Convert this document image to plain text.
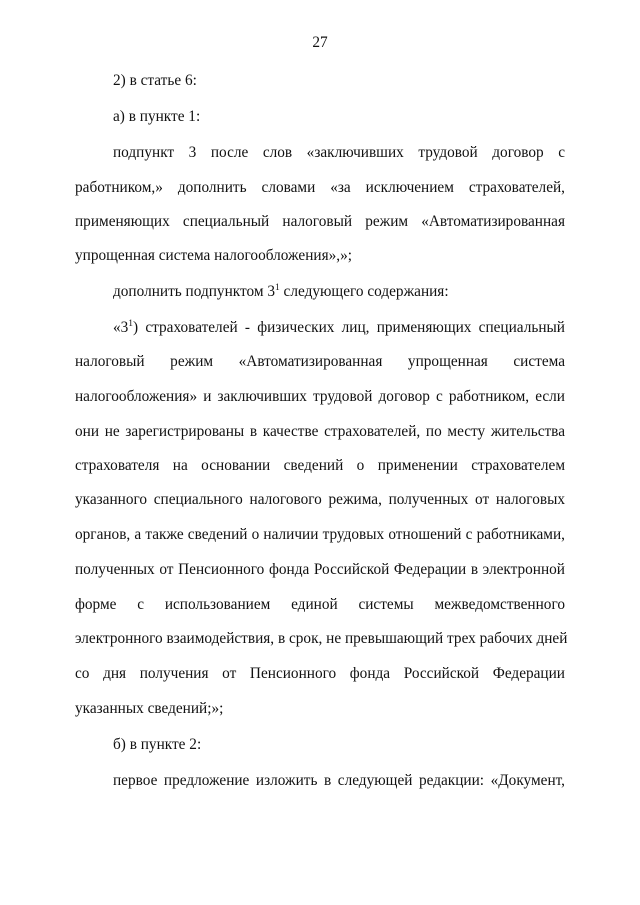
27
2) в статье 6:
а) в пункте 1:
подпункт 3 после слов «заключивших трудовой договор с
работником,» дополнить словами «за исключением страхователей,
применяющих специальный налоговый режим «Автоматизированная
упрощенная система налогообложения»,»;
дополнить подпунктом $3^1$ следующего содержания:
«$3^1$) страхователей - физических лиц, применяющих специальный
налоговый режим «Автоматизированная упрощенная система
налогообложения» и заключивших трудовой договор с работником, если
они не зарегистрированы в качестве страхователей, по месту жительства
страхователя на основании сведений о применении страхователем
указанного специального налогового режима, полученных от налоговых
органов, а также сведений о наличии трудовых отношений с работниками,
полученных от Пенсионного фонда Российской Федерации в электронной
форме с использованием единой системы межведомственного
электронного взаимодействия, в срок, не превышающий трех рабочих дней
со дня получения от Пенсионного фонда Российской Федерации
указанных сведений;»;
б) в пункте 2:
первое предложение изложить в следующей редакции: «Документ,
